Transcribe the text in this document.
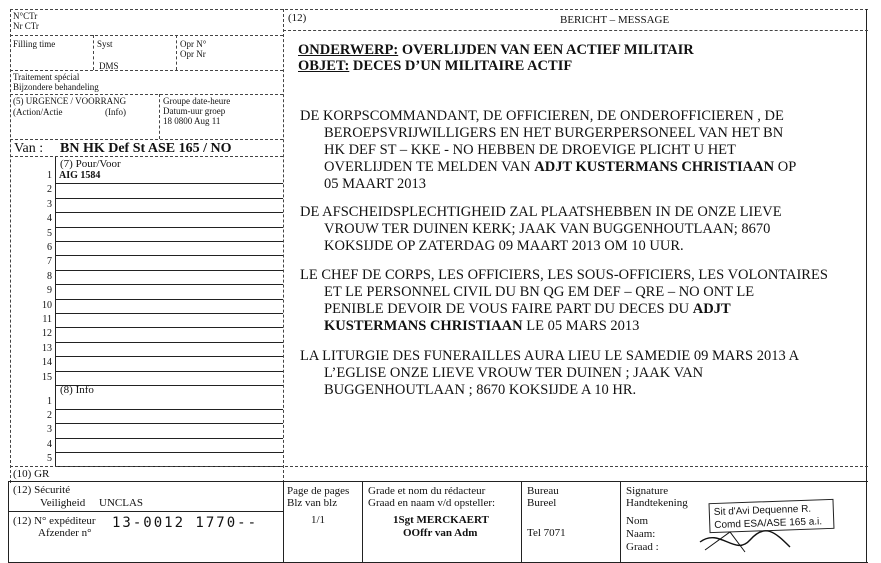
N°CTr
Nr CTr
Filling time	Syst
DMS
Opr N°
Opr Nr
Traitement spécial
Bijzondere behandeling
(5) URGENCE / VOORRANG
(Action/Actie	(Info)
Groupe date-heure
Datum-uur groep
18 0800 Aug 11
Van : BN HK Def St ASE 165 / NO
(7) Pour/Voor
1 AIG 1584
2
3
4
5
6
7
8
9
10
11
12
13
14
15
(8) Info
1
2
3
4
5
(10) GR
(12)	BERICHT – MESSAGE
ONDERWERP: OVERLIJDEN VAN EEN ACTIEF MILITAIR
OBJET: DECES D’UN MILITAIRE ACTIF
DE KORPSCOMMANDANT, DE OFFICIEREN, DE ONDEROFFICIEREN , DE
BEROEPSVRIJWILLIGERS EN HET BURGERPERSONEEL VAN HET BN
HK DEF ST – KKE - NO HEBBEN DE DROEVIGE PLICHT U HET
OVERLIJDEN TE MELDEN VAN ADJT KUSTERMANS CHRISTIAAN OP
05 MAART 2013
DE AFSCHEIDSPLECHTIGHEID ZAL PLAATSHEBBEN IN DE ONZE LIEVE
VROUW TER DUINEN KERK; JAAK VAN BUGGENHOUTLAAN; 8670
KOKSIJDE OP ZATERDAG 09 MAART 2013 OM 10 UUR.
LE CHEF DE CORPS, LES OFFICIERS, LES SOUS-OFFICIERS, LES VOLONTAIRES
ET LE PERSONNEL CIVIL DU BN QG EM DEF – QRE – NO ONT LE
PENIBLE DEVOIR DE VOUS FAIRE PART DU DECES DU ADJT
KUSTERMANS CHRISTIAAN LE 05 MARS 2013
LA LITURGIE DES FUNERAILLES AURA LIEU LE SAMEDIE 09 MARS 2013 A
L’EGLISE ONZE LIEVE VROUW TER DUINEN ; JAAK VAN
BUGGENHOUTLAAN ; 8670 KOKSIJDE A 10 HR.
(12) Sécurité
Veiligheid UNCLAS
(12) N° expéditeur
Afzender n°
13-0012 1770--
Page de pages
Blz van blz
1/1
Grade et nom du rédacteur
Graad en naam v/d opsteller:
1Sgt MERCKAERT
OOffr van Adm
Bureau
Bureel
Tel 7071
Signature
Handtekening
Nom
Naam:
Graad :
Sit d'Avi Dequenne R.
Comd ESA/ASE 165 a.i.
